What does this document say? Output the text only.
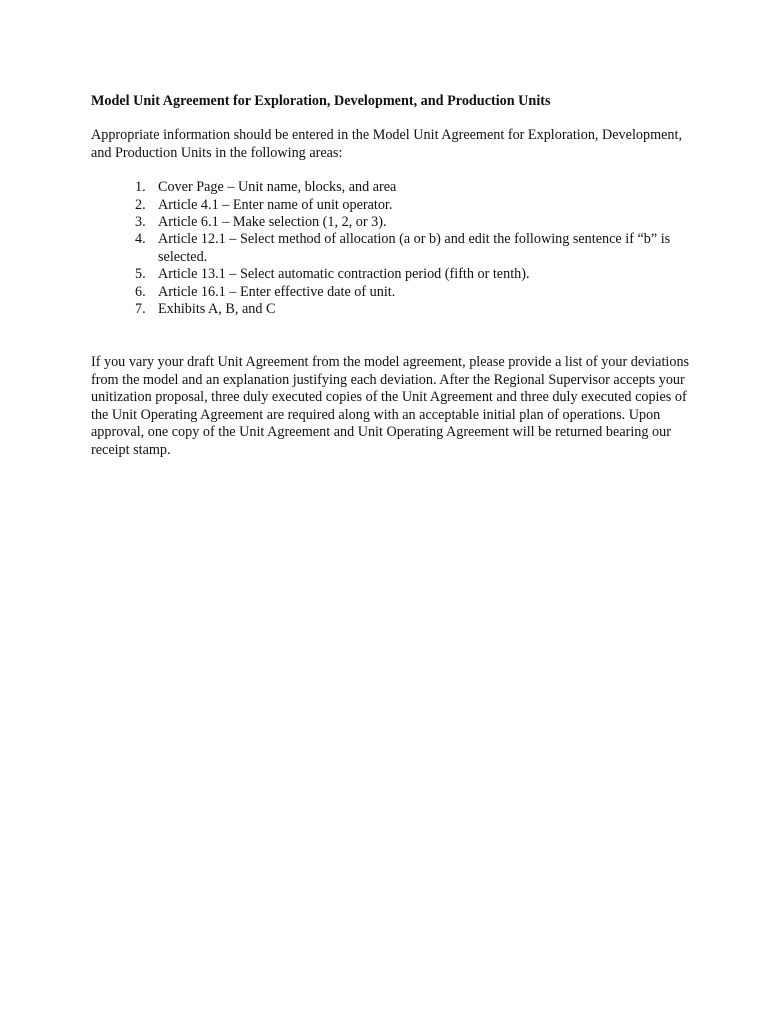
Model Unit Agreement for Exploration, Development, and Production Units

Appropriate information should be entered in the Model Unit Agreement for Exploration, Development, and Production Units in the following areas:

1. Cover Page – Unit name, blocks, and area
2. Article 4.1 – Enter name of unit operator.
3. Article 6.1 – Make selection (1, 2, or 3).
4. Article 12.1 – Select method of allocation (a or b) and edit the following sentence if “b” is selected.
5. Article 13.1 – Select automatic contraction period (fifth or tenth).
6. Article 16.1 – Enter effective date of unit.
7. Exhibits A, B, and C

If you vary your draft Unit Agreement from the model agreement, please provide a list of your deviations from the model and an explanation justifying each deviation. After the Regional Supervisor accepts your unitization proposal, three duly executed copies of the Unit Agreement and three duly executed copies of the Unit Operating Agreement are required along with an acceptable initial plan of operations. Upon approval, one copy of the Unit Agreement and Unit Operating Agreement will be returned bearing our receipt stamp.
